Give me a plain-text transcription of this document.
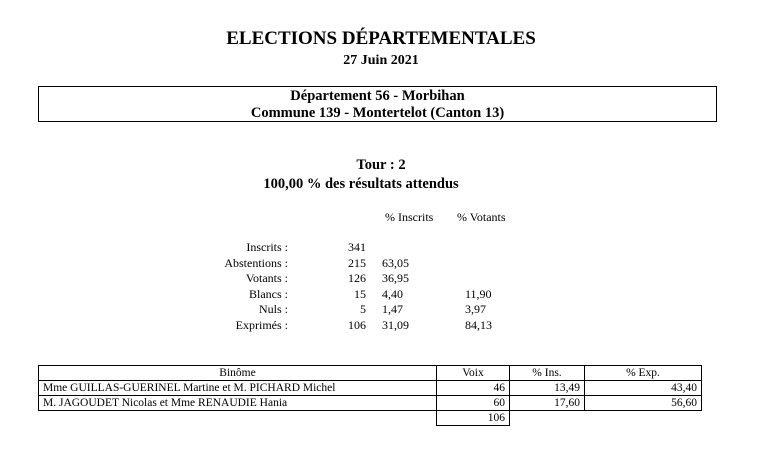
ELECTIONS DÉPARTEMENTALES
27 Juin 2021
Département 56 - Morbihan
Commune 139 - Montertelot (Canton 13)
Tour : 2
100,00 % des résultats attendus
% Inscrits % Votants
Inscrits :	341
Abstentions :	215 63,05
Votants :	126 36,95
Blancs :	15 4,40	11,90
Nuls :	5 1,47	3,97
Exprimés :	106 31,09	84,13
Binôme	Voix	% Ins.	% Exp.
Mme GUILLAS-GUERINEL Martine et M. PICHARD Michel	46	13,49	43,40
M. JAGOUDET Nicolas et Mme RENAUDIE Hania	60	17,60	56,60
	106		
